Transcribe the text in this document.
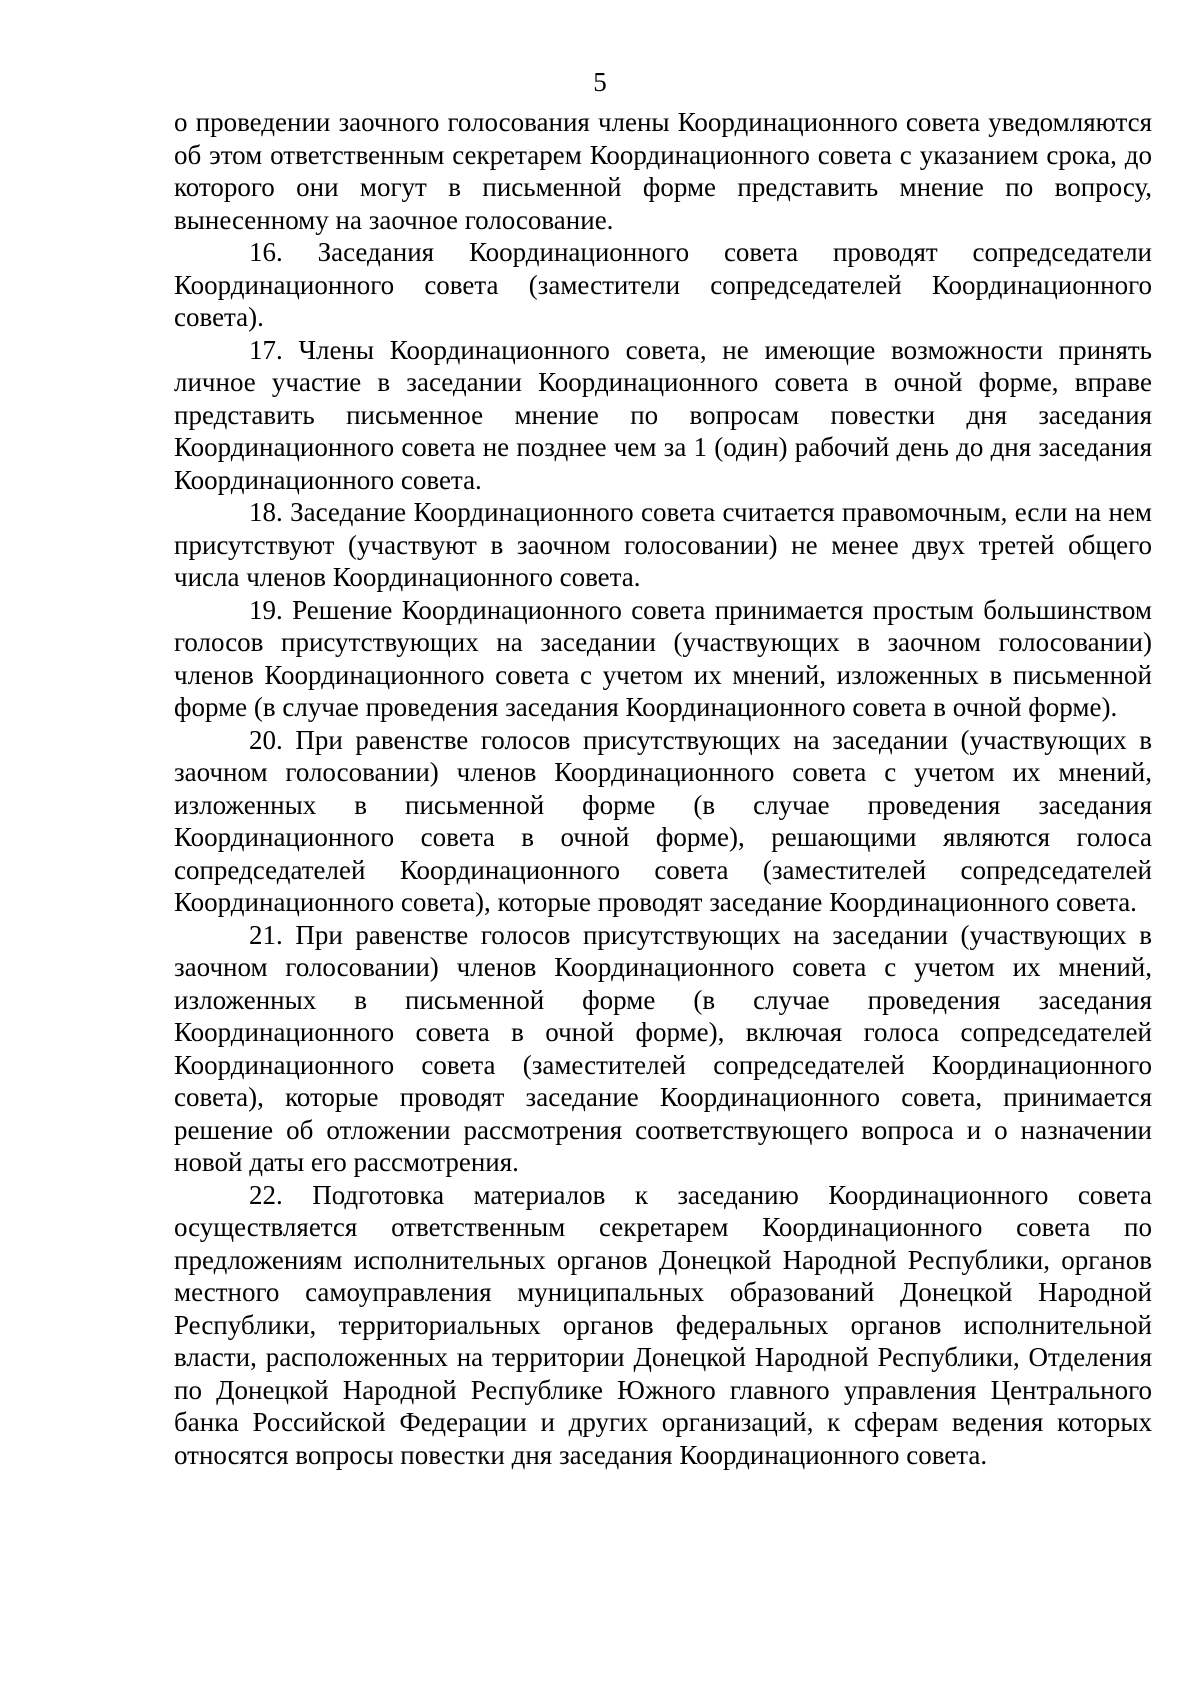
5

о проведении заочного голосования члены Координационного совета уведомляются об этом ответственным секретарем Координационного совета с указанием срока, до которого они могут в письменной форме представить мнение по вопросу, вынесенному на заочное голосование.

16. Заседания Координационного совета проводят сопредседатели Координационного совета (заместители сопредседателей Координационного совета).

17. Члены Координационного совета, не имеющие возможности принять личное участие в заседании Координационного совета в очной форме, вправе представить письменное мнение по вопросам повестки дня заседания Координационного совета не позднее чем за 1 (один) рабочий день до дня заседания Координационного совета.

18. Заседание Координационного совета считается правомочным, если на нем присутствуют (участвуют в заочном голосовании) не менее двух третей общего числа членов Координационного совета.

19. Решение Координационного совета принимается простым большинством голосов присутствующих на заседании (участвующих в заочном голосовании) членов Координационного совета с учетом их мнений, изложенных в письменной форме (в случае проведения заседания Координационного совета в очной форме).

20. При равенстве голосов присутствующих на заседании (участвующих в заочном голосовании) членов Координационного совета с учетом их мнений, изложенных в письменной форме (в случае проведения заседания Координационного совета в очной форме), решающими являются голоса сопредседателей Координационного совета (заместителей сопредседателей Координационного совета), которые проводят заседание Координационного совета.

21. При равенстве голосов присутствующих на заседании (участвующих в заочном голосовании) членов Координационного совета с учетом их мнений, изложенных в письменной форме (в случае проведения заседания Координационного совета в очной форме), включая голоса сопредседателей Координационного совета (заместителей сопредседателей Координационного совета), которые проводят заседание Координационного совета, принимается решение об отложении рассмотрения соответствующего вопроса и о назначении новой даты его рассмотрения.

22. Подготовка материалов к заседанию Координационного совета осуществляется ответственным секретарем Координационного совета по предложениям исполнительных органов Донецкой Народной Республики, органов местного самоуправления муниципальных образований Донецкой Народной Республики, территориальных органов федеральных органов исполнительной власти, расположенных на территории Донецкой Народной Республики, Отделения по Донецкой Народной Республике Южного главного управления Центрального банка Российской Федерации и других организаций, к сферам ведения которых относятся вопросы повестки дня заседания Координационного совета.
